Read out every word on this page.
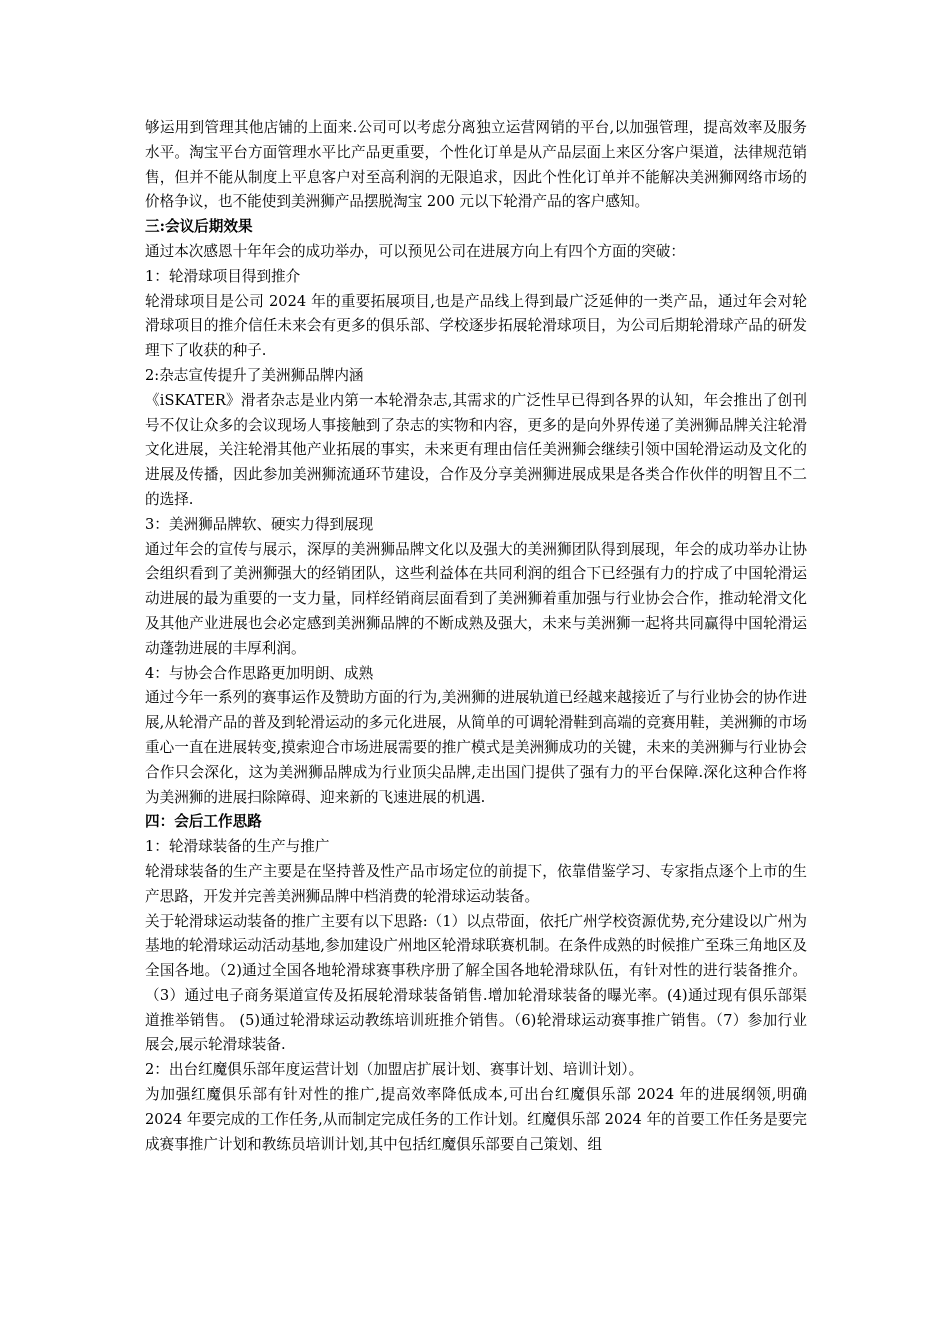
够运用到管理其他店铺的上面来.公司可以考虑分离独立运营网销的平台,以加强管理，提高效率及服务水平。淘宝平台方面管理水平比产品更重要，个性化订单是从产品层面上来区分客户渠道，法律规范销售，但并不能从制度上平息客户对至高利润的无限追求，因此个性化订单并不能解决美洲狮网络市场的价格争议，也不能使到美洲狮产品摆脱淘宝 200 元以下轮滑产品的客户感知。

三:会议后期效果

通过本次感恩十年年会的成功举办，可以预见公司在进展方向上有四个方面的突破：

1：轮滑球项目得到推介

轮滑球项目是公司 2024 年的重要拓展项目,也是产品线上得到最广泛延伸的一类产品，通过年会对轮滑球项目的推介信任未来会有更多的俱乐部、学校逐步拓展轮滑球项目，为公司后期轮滑球产品的研发理下了收获的种子.

2:杂志宣传提升了美洲狮品牌内涵

《iSKATER》滑者杂志是业内第一本轮滑杂志,其需求的广泛性早已得到各界的认知，年会推出了创刊号不仅让众多的会议现场人事接触到了杂志的实物和内容，更多的是向外界传递了美洲狮品牌关注轮滑文化进展，关注轮滑其他产业拓展的事实，未来更有理由信任美洲狮会继续引领中国轮滑运动及文化的进展及传播，因此参加美洲狮流通环节建设，合作及分享美洲狮进展成果是各类合作伙伴的明智且不二的选择.

3：美洲狮品牌软、硬实力得到展现

通过年会的宣传与展示，深厚的美洲狮品牌文化以及强大的美洲狮团队得到展现，年会的成功举办让协会组织看到了美洲狮强大的经销团队，这些利益体在共同利润的组合下已经强有力的拧成了中国轮滑运动进展的最为重要的一支力量，同样经销商层面看到了美洲狮着重加强与行业协会合作，推动轮滑文化及其他产业进展也会必定感到美洲狮品牌的不断成熟及强大，未来与美洲狮一起将共同赢得中国轮滑运动蓬勃进展的丰厚利润。

4：与协会合作思路更加明朗、成熟

通过今年一系列的赛事运作及赞助方面的行为,美洲狮的进展轨道已经越来越接近了与行业协会的协作进展,从轮滑产品的普及到轮滑运动的多元化进展，从简单的可调轮滑鞋到高端的竞赛用鞋，美洲狮的市场重心一直在进展转变,摸索迎合市场进展需要的推广模式是美洲狮成功的关键，未来的美洲狮与行业协会合作只会深化，这为美洲狮品牌成为行业顶尖品牌,走出国门提供了强有力的平台保障.深化这种合作将为美洲狮的进展扫除障碍、迎来新的飞速进展的机遇.

四：会后工作思路

1：轮滑球装备的生产与推广

轮滑球装备的生产主要是在坚持普及性产品市场定位的前提下，依靠借鉴学习、专家指点逐个上市的生产思路，开发并完善美洲狮品牌中档消费的轮滑球运动装备。

关于轮滑球运动装备的推广主要有以下思路:（1）以点带面，依托广州学校资源优势,充分建设以广州为基地的轮滑球运动活动基地,参加建设广州地区轮滑球联赛机制。在条件成熟的时候推广至珠三角地区及全国各地。（2)通过全国各地轮滑球赛事秩序册了解全国各地轮滑球队伍，有针对性的进行装备推介。（3）通过电子商务渠道宣传及拓展轮滑球装备销售.增加轮滑球装备的曝光率。(4)通过现有俱乐部渠道推举销售。 (5)通过轮滑球运动教练培训班推介销售。（6)轮滑球运动赛事推广销售。（7）参加行业展会,展示轮滑球装备.

2：出台红魔俱乐部年度运营计划（加盟店扩展计划、赛事计划、培训计划）。

为加强红魔俱乐部有针对性的推广,提高效率降低成本,可出台红魔俱乐部 2024 年的进展纲领,明确 2024 年要完成的工作任务,从而制定完成任务的工作计划。红魔俱乐部 2024 年的首要工作任务是要完成赛事推广计划和教练员培训计划,其中包括红魔俱乐部要自己策划、组
